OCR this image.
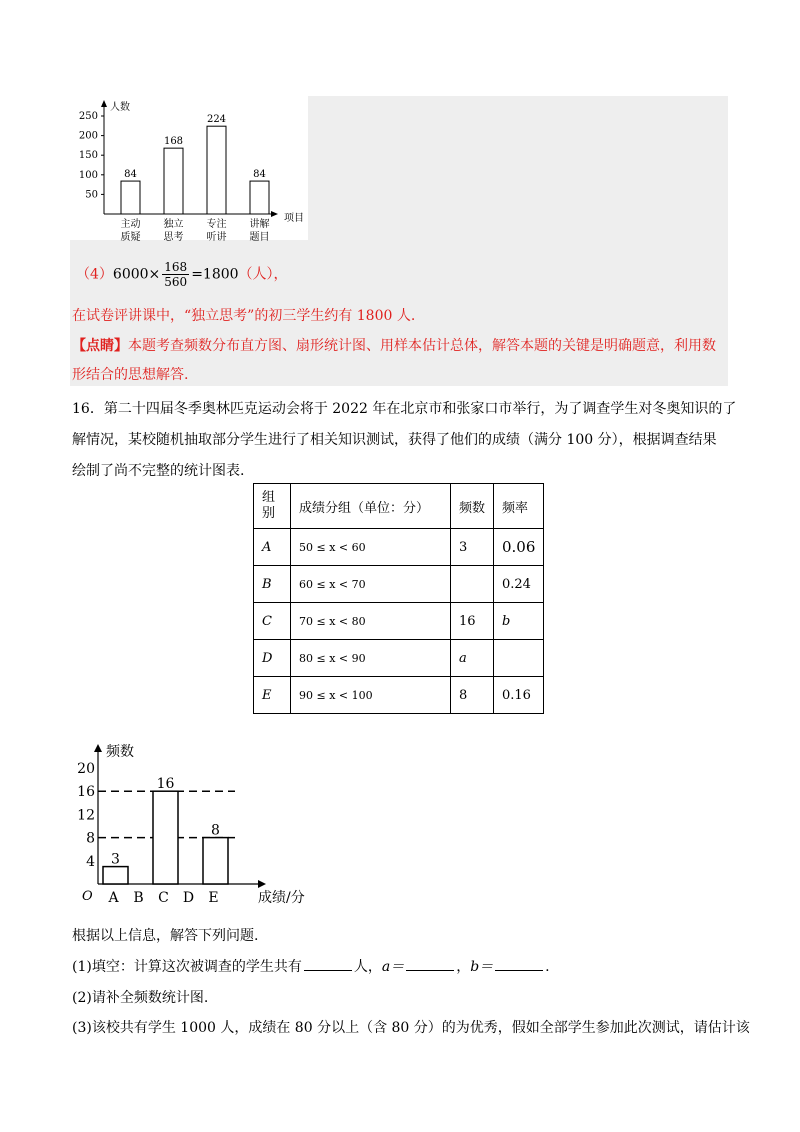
人数
项目
250
200
150
100
50
84
主动
质疑
168
独立
思考
224
专注
听讲
84
讲解
题目
$(4)6000\times \frac{168}{560} =1800$（人），
在试卷评讲课中，“独立思考”的初三学生约有 1800 人.
【点睛】本题考查频数分布直方图、扇形统计图、用样本估计总体，解答本题的关键是明确题意，利用数
形结合的思想解答.
16．第二十四届冬季奥林匹克运动会将于 2022 年在北京市和张家口市举行，为了调查学生对冬奥知识的了
解情况，某校随机抽取部分学生进行了相关知识测试，获得了他们的成绩（满分 100 分），根据调查结果
绘制了尚不完整的统计图表.
组
别	成绩分组（单位：分）	频数	频率
A	50 ≤ x < 60	3	0.06
B	60 ≤ x < 70		0.24
C	70 ≤ x < 80	16	b
D	80 ≤ x < 90	a	
E	90 ≤ x < 100	8	0.16
频数
成绩/分
O
20
16
12
8
4
A
3
B C
16
D E
8
根据以上信息，解答下列问题.
(1)填空：计算这次被调查的学生共有	人，a＝	，b＝	.
(2)请补全频数统计图.
(3)该校共有学生 1000 人，成绩在 80 分以上（含 80 分）的为优秀，假如全部学生参加此次测试，请估计该
